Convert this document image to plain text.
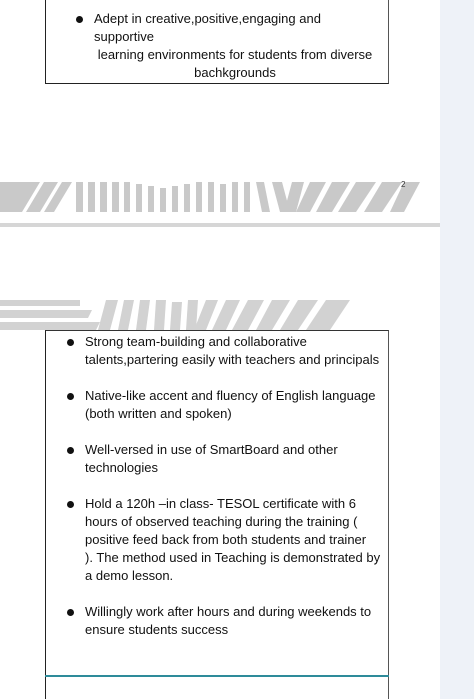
Adept in creative,positive,engaging and supportive
learning environments for students from diverse
bachkgrounds
2
Strong team-building and collaborative
talents,partering easily with teachers and principals
Native-like accent and fluency of English language
(both written and spoken)
Well-versed in use of SmartBoard and other
technologies
Hold a 120h –in class- TESOL certificate with 6
hours of observed teaching during the training (
positive feed back from both students and trainer
). The method used in Teaching is demonstrated by
a demo lesson.
Willingly work after hours and during weekends to
ensure students success
